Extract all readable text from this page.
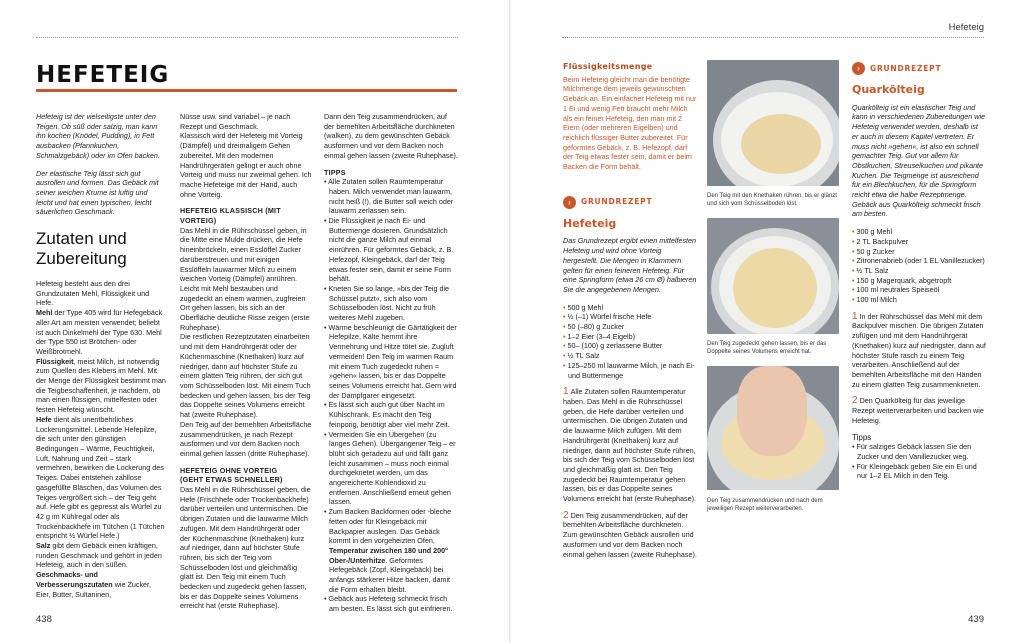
Hefeteig
HEFETEIG

Hefeteig ist der vielseitigste unter den Teigen. Ob süß oder salzig, man kann ihn kochen (Knödel, Pudding), in Fett ausbacken (Pfannkuchen, Schmalzgebäck) oder im Ofen backen.

Der elastische Teig lässt sich gut ausrollen und formen. Das Gebäck mit seiner weichen Krume ist luftig und leicht und hat einen typischen, leicht säuerlichen Geschmack.

Zutaten und Zubereitung

Hefeteig besteht aus den drei Grundzutaten Mehl, Flüssigkeit und Hefe.

Mehl der Type 405 wird für Hefegebäck aller Art am meisten verwendet; beliebt ist auch Dinkelmehl der Type 630. Mehl der Type 550 ist Brötchen- oder Weißbrotmehl.

Flüssigkeit, meist Milch, ist notwendig zum Quellen des Klebers im Mehl. Mit der Menge der Flüssigkeit bestimmt man die Teigbeschaffenheit, je nachdem, ob man einen flüssigen, mittelfesten oder festen Hefeteig wünscht.

Hefe dient als unentbehrliches Lockerungsmittel. Lebende Hefepilze, die sich unter den günstigen Bedingungen – Wärme, Feuchtigkeit, Luft, Nahrung und Zeit – stark vermehren, bewirken die Lockerung des Teiges. Dabei entstehen zahllose gasgefüllte Bläschen, das Volumen des Teiges vergrößert sich – der Teig geht auf. Hefe gibt es gepresst als Würfel zu 42 g im Kühlregal oder als Trockenbackhefe im Tütchen (1 Tütchen entspricht ½ Würfel Hefe.)

Salz gibt dem Gebäck einen kräftigen, runden Geschmack und gehört in jeden Hefeteig, auch in den süßen.

Geschmacks- und Verbesserungszutaten wie Zucker, Eier, Butter, Sultaninen,

Nüsse usw. sind variabel – je nach Rezept und Geschmack.

Klassisch wird der Hefeteig mit Vorteig (Dämpfel) und dreimaligem Gehen zubereitet. Mit den modernen Handrührgeräten gelingt er auch ohne Vorteig und muss nur zweimal gehen. Ich mache Hefeteige mit der Hand, auch ohne Vorteig.

HEFETEIG KLASSISCH (MIT VORTEIG)

Das Mehl in die Rührschüssel geben, in die Mitte eine Mulde drücken, die Hefe hineinbröckeln, einen Esslöffel Zucker darüberstreuen und mit einigen Esslöffeln lauwarmer Milch zu einem weichen Vorteig (Dämpfel) anrühren. Leicht mit Mehl bestauben und zugedeckt an einem warmen, zugfreien Ort gehen lassen, bis sich an der Oberfläche deutliche Risse zeigen (erste Ruhephase).

Die restlichen Rezeptzutaten einarbeiten und mit dem Handrührgerät oder der Küchenmaschine (Knethaken) kurz auf niedriger, dann auf höchster Stufe zu einem glatten Teig rühren, der sich gut vom Schüsselboden löst. Mit einem Tuch bedecken und gehen lassen, bis der Teig das Doppelte seines Volumens erreicht hat (zweite Ruhephase).

Den Teig auf der bemehlten Arbeitsfläche zusammendrücken, je nach Rezept ausformen und vor dem Backen noch einmal gehen lassen (dritte Ruhephase).

HEFETEIG OHNE VORTEIG

(GEHT ETWAS SCHNELLER)

Das Mehl in die Rührschüssel geben, die Hefe (Frischhefe oder Trockenbackhefe) darüber verteilen und untermischen. Die übrigen Zutaten und die lauwarme Milch zufügen. Mit dem Handrührgerät oder der Küchenmaschine (Knethaken) kurz auf niedriger, dann auf höchster Stufe rühren, bis sich der Teig vom Schüsselboden löst und gleichmäßig glatt ist. Den Teig mit einem Tuch bedecken und zugedeckt gehen lassen, bis er das Doppelte seines Volumens erreicht hat (erste Ruhephase).

Dann den Teig zusammendrücken, auf der bemehlten Arbeitsfläche durchkneten (walken), zu dem gewünschten Gebäck ausformen und vor dem Backen noch einmal gehen lassen (zweite Ruhephase).

TIPPS

• Alle Zutaten sollen Raumtemperatur haben. Milch verwendet man lauwarm, nicht heiß (!), die Butter soll weich oder lauwarm zerlassen sein.
• Die Flüssigkeit je nach Ei- und Buttermenge dosieren. Grundsätzlich nicht die ganze Milch auf einmal einrühren. Für geformtes Gebäck, z. B. Hefezopf, Kleingebäck, darf der Teig etwas fester sein, damit er seine Form behält.
• Kneten Sie so lange, »bis der Teig die Schüssel putzt«, sich also vom Schüsselboden löst. Nicht zu früh weiteres Mehl zugeben.
• Wärme beschleunigt die Gärtätigkeit der Hefepilze, Kälte hemmt ihre Vermehrung und Hitze tötet sie. Zugluft vermeiden! Den Teig im warmen Raum mit einem Tuch zugedeckt ruhen = »gehen« lassen, bis er das Doppelte seines Volumens erreicht hat. Gern wird der Dampfgarer eingesetzt.
• Es lässt sich auch gut über Nacht im Kühlschrank. Es macht den Teig feinporig, benötigt aber viel mehr Zeit.
• Vermeiden Sie ein Übergehen (zu langes Gehen). Übergangener Teig – er blüht sich geradezu auf und fällt ganz leicht zusammen – muss noch einmal durchgeknetet werden, um das angereicherte Kohlendioxid zu entfernen. Anschließend erneut gehen lassen.
• Zum Backen Backformen oder -bleche fetten oder für Kleingebäck mit Backpapier auslegen. Das Gebäck kommt in den vorgeheizten Ofen, Temperatur zwischen 180 und 200° Ober-/Unterhitze. Geformtes Hefegebäck (Zopf, Kleingebäck) bei anfangs stärkerer Hitze backen, damit die Form erhalten bleibt.
• Gebäck aus Hefeteig schmeckt frisch am besten. Es lässt sich gut einfrieren.
438
Flüssigkeitsmenge

Beim Hefeteig gleicht man die benötigte Milchmenge dem jeweils gewünschten Gebäck an. Ein einfacher Hefeteig mit nur 1 Ei und wenig Fett braucht mehr Milch als ein feiner Hefeteig, den man mit 2 Eiern (oder mehreren Eigelben) und reichlich flüssiger Butter zubereitet. Für geformtes Gebäck, z. B. Hefezopf, darf der Teig etwas fester sein, damit er beim Backen die Form behält.

›	GRUNDREZEPT
Hefeteig

Das Grundrezept ergibt einen mittelfesten Hefeteig und wird ohne Vorteig hergestellt. Die Mengen in Klammern gelten für einen feineren Hefeteig. Für eine Springform (etwa 26 cm Ø) halbieren Sie die angegebenen Mengen.

• 500 g Mehl
• ½ (–1) Würfel frische Hefe
• 50 (–80) g Zucker
• 1–2 Eier (3–4 Eigelb)
• 50– (100) g zerlassene Butter
• ½ TL Salz
• 125–250 ml lauwarme Milch, je nach Ei- und Buttermenge

1 Alle Zutaten sollen Raumtemperatur haben. Das Mehl in die Rührschüssel geben, die Hefe darüber verteilen und untermischen. Die übrigen Zutaten und die lauwarme Milch zufügen. Mit dem Handrührgerät (Knethaken) kurz auf niedriger, dann auf höchster Stufe rühren, bis sich der Teig vom Schüsselboden löst und gleichmäßig glatt ist. Den Teig zugedeckt bei Raumtemperatur gehen lassen, bis er das Doppelte seines Volumens erreicht hat (erste Ruhephase).

2 Den Teig zusammendrücken, auf der bemehlten Arbeitsfläche durchkneten. Zum gewünschten Gebäck ausrollen und ausformen und vor dem Backen noch einmal gehen lassen (zweite Ruhephase).

Den Teig mit den Knethaken rühren, bis er glänzt und sich vom Schüsselboden löst.
Den Teig zugedeckt gehen lassen, bis er das Doppelte seines Volumens erreicht hat.
Den Teig zusammendrücken und nach dem jeweiligen Rezept weiterverarbeiten.
›	GRUNDREZEPT
Quarkölteig

Quarkölteig ist ein elastischer Teig und kann in verschiedenen Zubereitungen wie Hefeteig verwendet werden, deshalb ist er auch in diesem Kapitel vertreten. Er muss nicht »gehen«, ist also ein schnell gemachter Teig. Gut vor allem für Obstkuchen, Streuselkuchen und pikante Kuchen. Die Teigmenge ist ausreichend für ein Blechkuchen, für die Springform reicht etwa die halbe Rezeptmenge. Gebäck aus Quarkölteig schmeckt frisch am besten.

• 300 g Mehl
• 2 TL Backpulver
• 50 g Zucker
• Zitronenabrieb (oder 1 EL Vanillezucker)
• ½ TL Salz
• 150 g Magerquark, abgetropft
• 100 ml neutrales Speiseöl
• 100 ml Milch

1 In der Rührschüssel das Mehl mit dem Backpulver mischen. Die übrigen Zutaten zufügen und mit dem Handrührgerät (Knethaken) kurz auf niedrigster, dann auf höchster Stufe rasch zu einem Teig verarbeiten. Anschließend auf der bemehlten Arbeitsfläche mit den Händen zu einem glatten Teig zusammenkneten.

2 Den Quarkölteig für das jeweilige Rezept weiterverarbeiten und backen wie Hefeteig.

Tipps

• Für salziges Gebäck lassen Sie den Zucker und den Vanillezucker weg.
• Für Kleingebäck geben Sie ein Ei und nur 1–2 EL Milch in den Teig.
439
